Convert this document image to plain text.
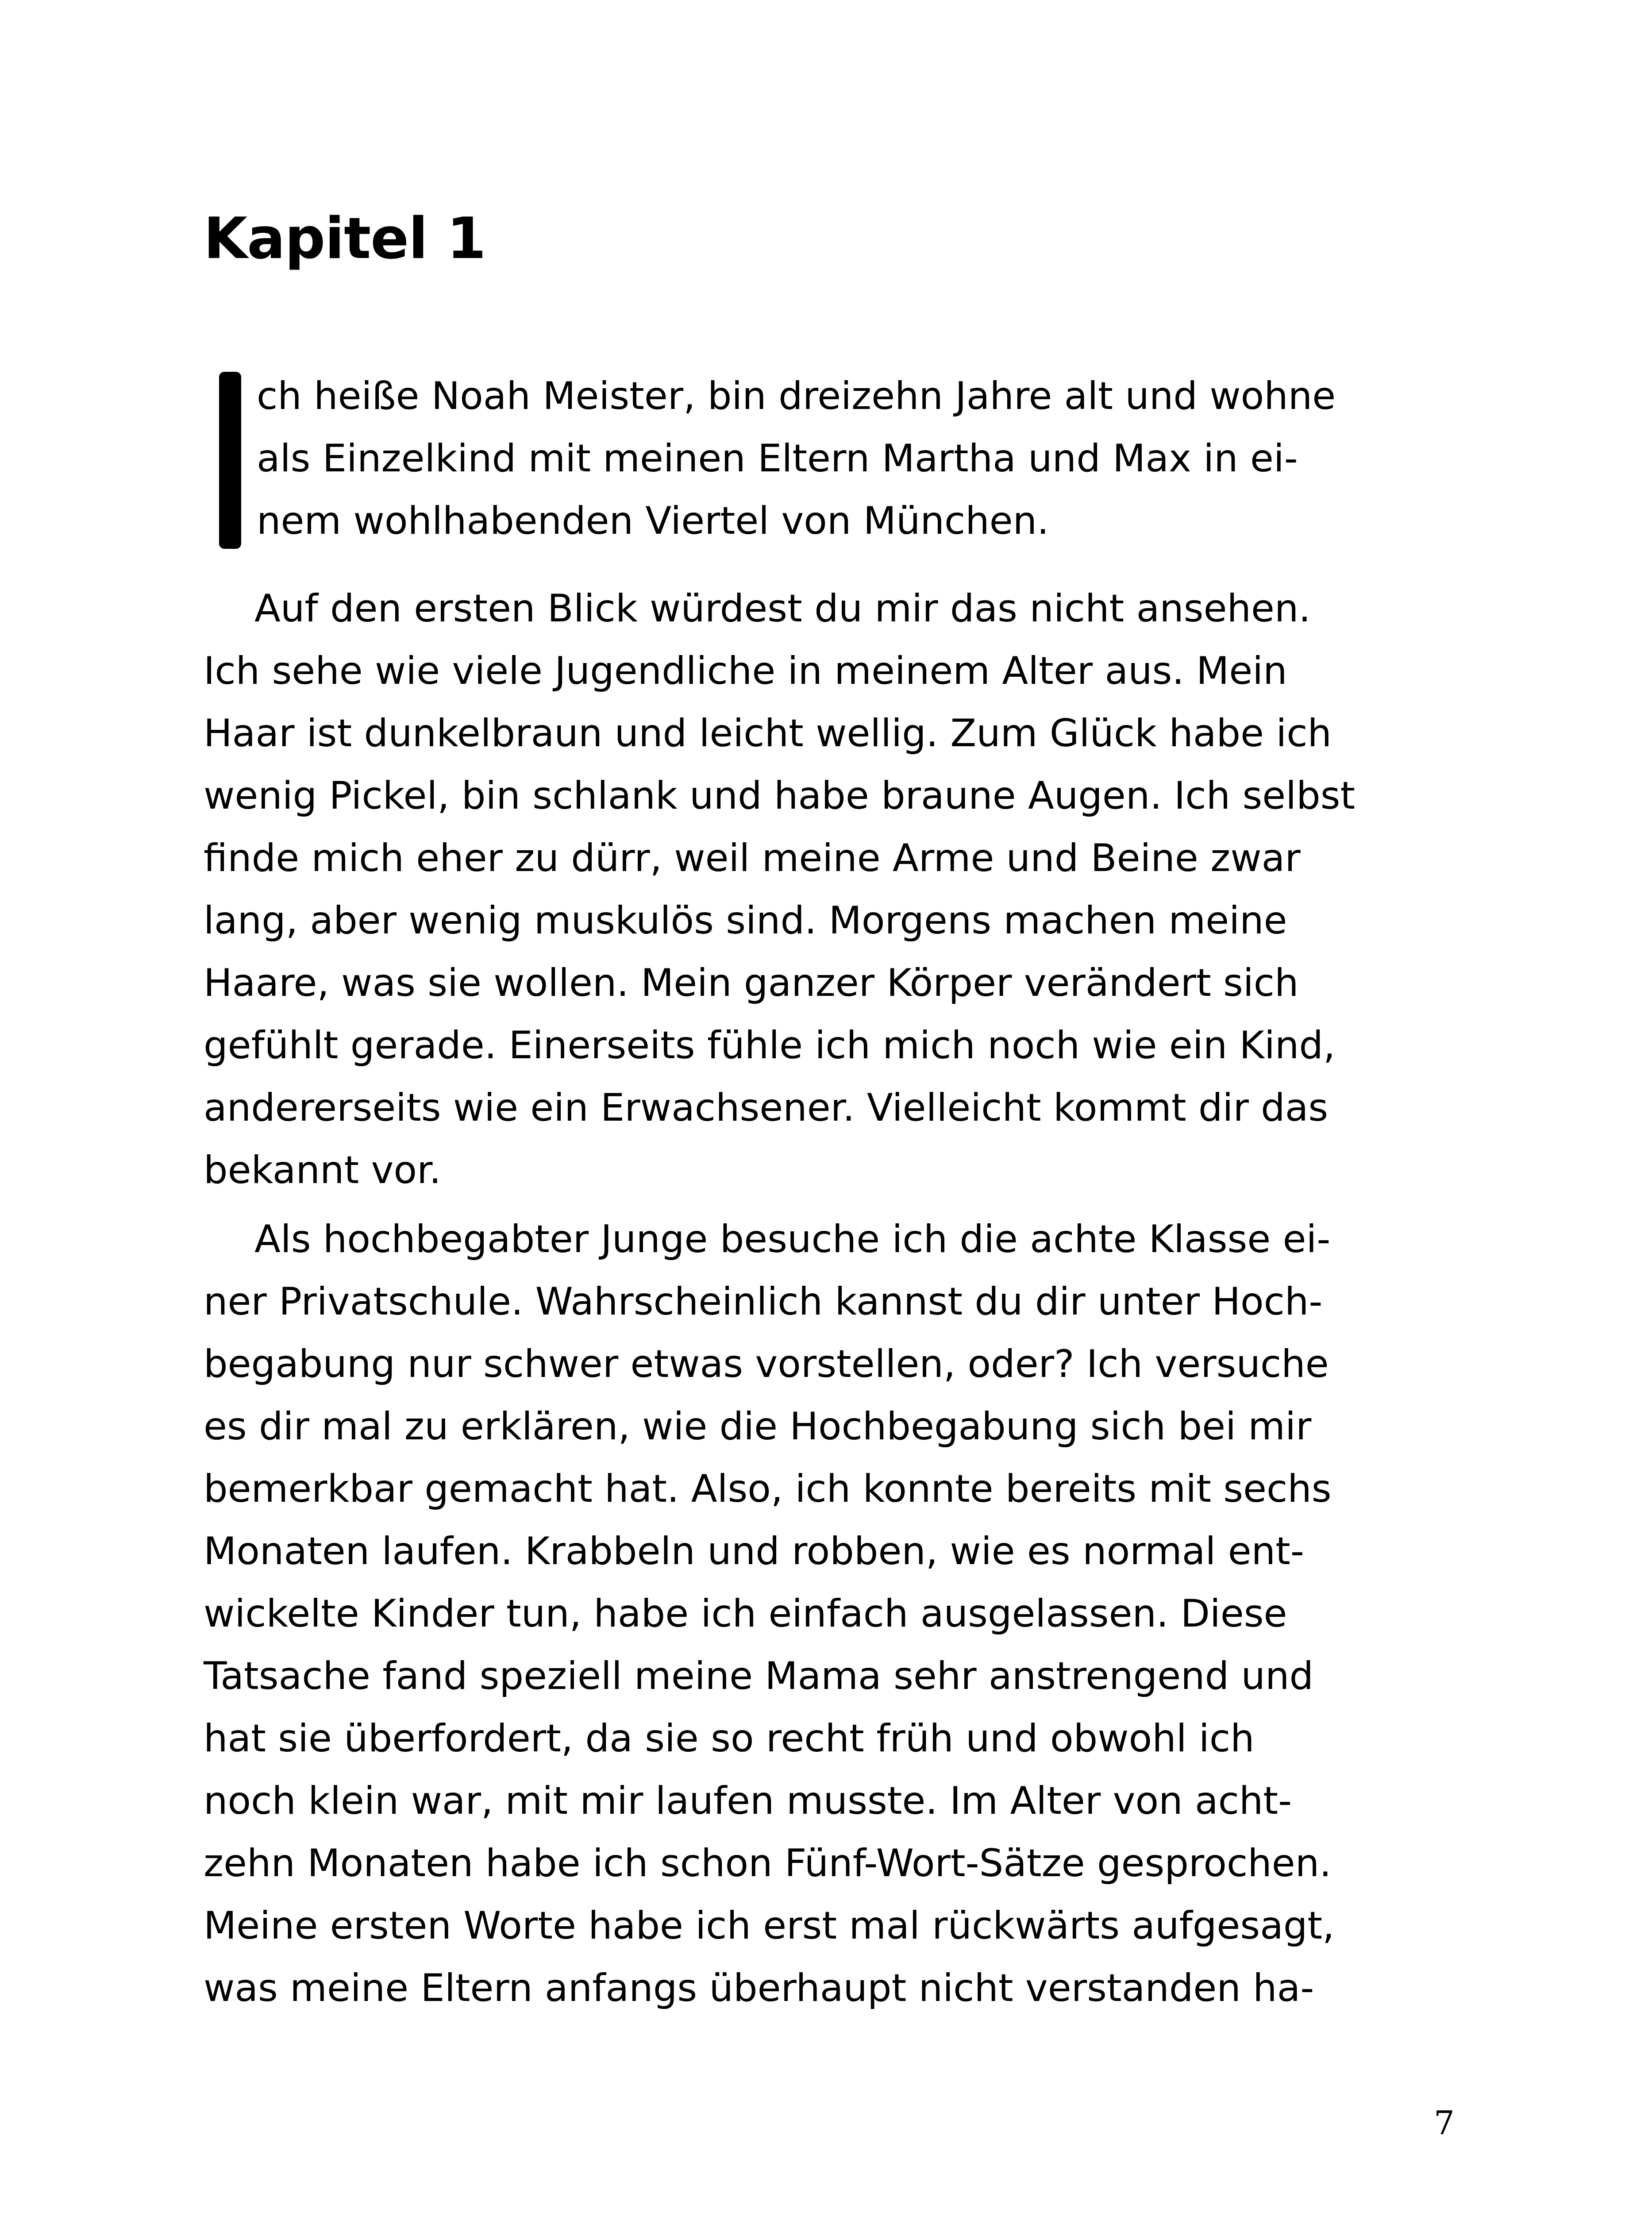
Kapitel 1
ch heiße Noah Meister, bin dreizehn Jahre alt und wohne
als Einzelkind mit meinen Eltern Martha und Max in ei-
nem wohlhabenden Viertel von München.
Auf den ersten Blick würdest du mir das nicht ansehen.
Ich sehe wie viele Jugendliche in meinem Alter aus. Mein
Haar ist dunkelbraun und leicht wellig. Zum Glück habe ich
wenig Pickel, bin schlank und habe braune Augen. Ich selbst
finde mich eher zu dürr, weil meine Arme und Beine zwar
lang, aber wenig muskulös sind. Morgens machen meine
Haare, was sie wollen. Mein ganzer Körper verändert sich
gefühlt gerade. Einerseits fühle ich mich noch wie ein Kind,
andererseits wie ein Erwachsener. Vielleicht kommt dir das
bekannt vor.
Als hochbegabter Junge besuche ich die achte Klasse ei-
ner Privatschule. Wahrscheinlich kannst du dir unter Hoch-
begabung nur schwer etwas vorstellen, oder? Ich versuche
es dir mal zu erklären, wie die Hochbegabung sich bei mir
bemerkbar gemacht hat. Also, ich konnte bereits mit sechs
Monaten laufen. Krabbeln und robben, wie es normal ent-
wickelte Kinder tun, habe ich einfach ausgelassen. Diese
Tatsache fand speziell meine Mama sehr anstrengend und
hat sie überfordert, da sie so recht früh und obwohl ich
noch klein war, mit mir laufen musste. Im Alter von acht-
zehn Monaten habe ich schon Fünf-Wort-Sätze gesprochen.
Meine ersten Worte habe ich erst mal rückwärts aufgesagt,
was meine Eltern anfangs überhaupt nicht verstanden ha-
7
